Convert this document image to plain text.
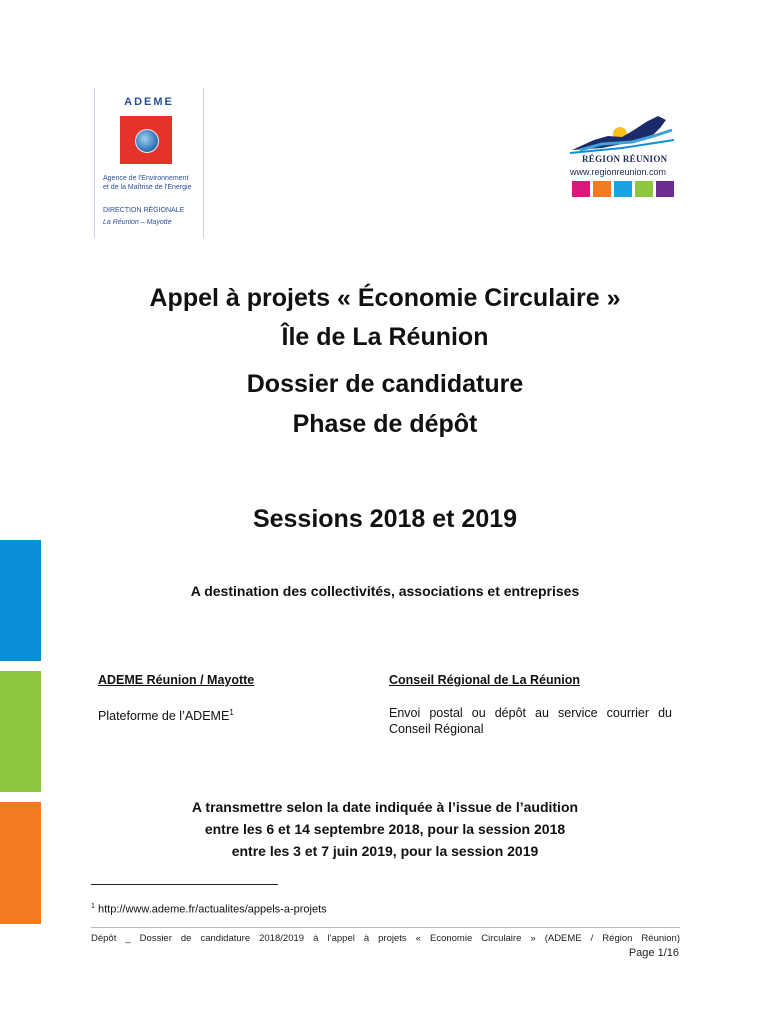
ADEME
Agence de l'Environnement
et de la Maîtrise de l'Energie
DIRECTION RÉGIONALE
La Réunion – Mayotte
RÉGION RÉUNION
www.regionreunion.com
Appel à projets « Économie Circulaire »
Île de La Réunion
Dossier de candidature
Phase de dépôt
Sessions 2018 et 2019
A destination des collectivités, associations et entreprises
ADEME Réunion / Mayotte	Conseil Régional de La Réunion
Plateforme de l’ADEME$^1$	Envoi postal ou dépôt au service courrier du Conseil Régional
A transmettre selon la date indiquée à l’issue de l’audition
entre les 6 et 14 septembre 2018, pour la session 2018
entre les 3 et 7 juin 2019, pour la session 2019
$^1$ http://www.ademe.fr/actualites/appels-a-projets
Dépôt _ Dossier de candidature 2018/2019 à l’appel à projets « Economie Circulaire » (ADEME / Région Réunion)
Page 1/16
